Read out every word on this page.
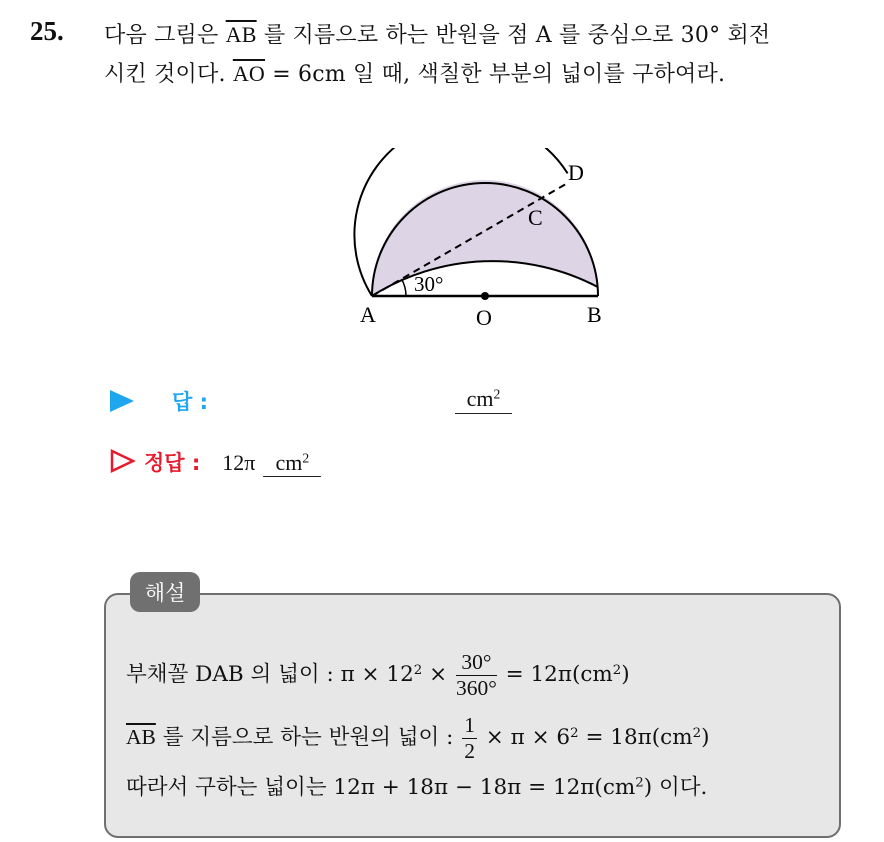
25. 다음 그림은 $\overline{AB}$ 를 지름으로 하는 반원을 점 A 를 중심으로 30° 회전
시킨 것이다. $\overline{AO} = 6cm$ 일 때, 색칠한 부분의 넓이를 구하여라.
30°
A	O	B
C
D
답 :	$cm^2$
정답 : 12π $cm^2$
해설
부채꼴 DAB 의 넓이 : $\pi \times 12^2 \times \frac{30^\circ}{360^\circ} = 12\pi(cm^2)$
$\overline{AB}$ 를 지름으로 하는 반원의 넓이 : $\frac{1}{2} \times \pi \times 6^2 = 18\pi(cm^2)$
따라서 구하는 넓이는 $12\pi + 18\pi - 18\pi = 12\pi(cm^2)$ 이다.
